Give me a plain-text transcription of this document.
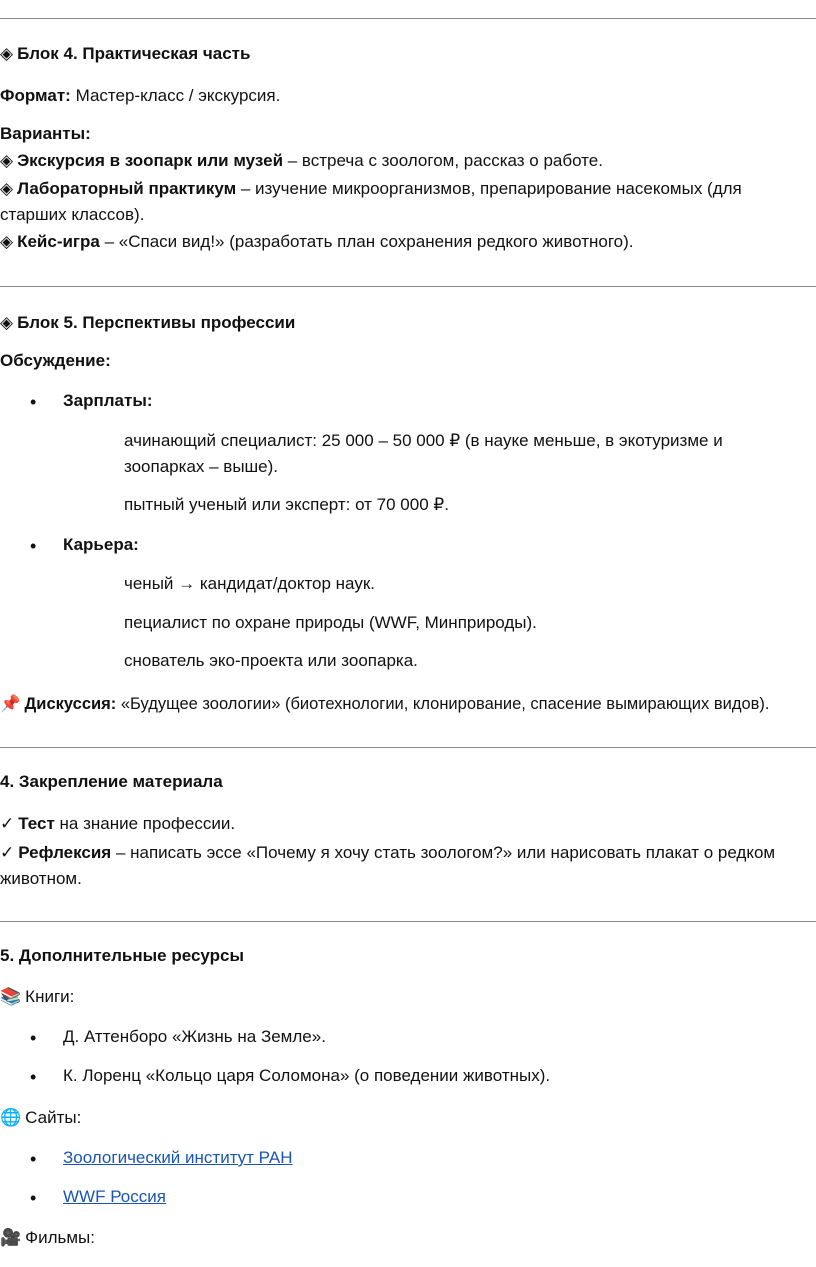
◈ Блок 4. Практическая часть
Формат: Мастер-класс / экскурсия.
Варианты:
◈ Экскурсия в зоопарк или музей – встреча с зоологом, рассказ о работе.
◈ Лабораторный практикум – изучение микроорганизмов, препарирование насекомых (для
старших классов).
◈ Кейс-игра – «Спаси вид!» (разработать план сохранения редкого животного).
◈ Блок 5. Перспективы профессии
Обсуждение:
• Зарплаты:
ачинающий специалист: 25 000 – 50 000 ₽ (в науке меньше, в экотуризме и
зоопарках – выше).
пытный ученый или эксперт: от 70 000 ₽.
• Карьера:
ченый → кандидат/доктор наук.
пециалист по охране природы (WWF, Минприроды).
снователь эко-проекта или зоопарка.
📌 Дискуссия: «Будущее зоологии» (биотехнологии, клонирование, спасение вымирающих видов).
4. Закрепление материала
✓ Тест на знание профессии.
✓ Рефлексия – написать эссе «Почему я хочу стать зоологом?» или нарисовать плакат о редком
животном.
5. Дополнительные ресурсы
📚 Книги:
• Д. Аттенборо «Жизнь на Земле».
• К. Лоренц «Кольцо царя Соломона» (о поведении животных).
🌐 Сайты:
• Зоологический институт РАН
• WWF Россия
🎥 Фильмы:
